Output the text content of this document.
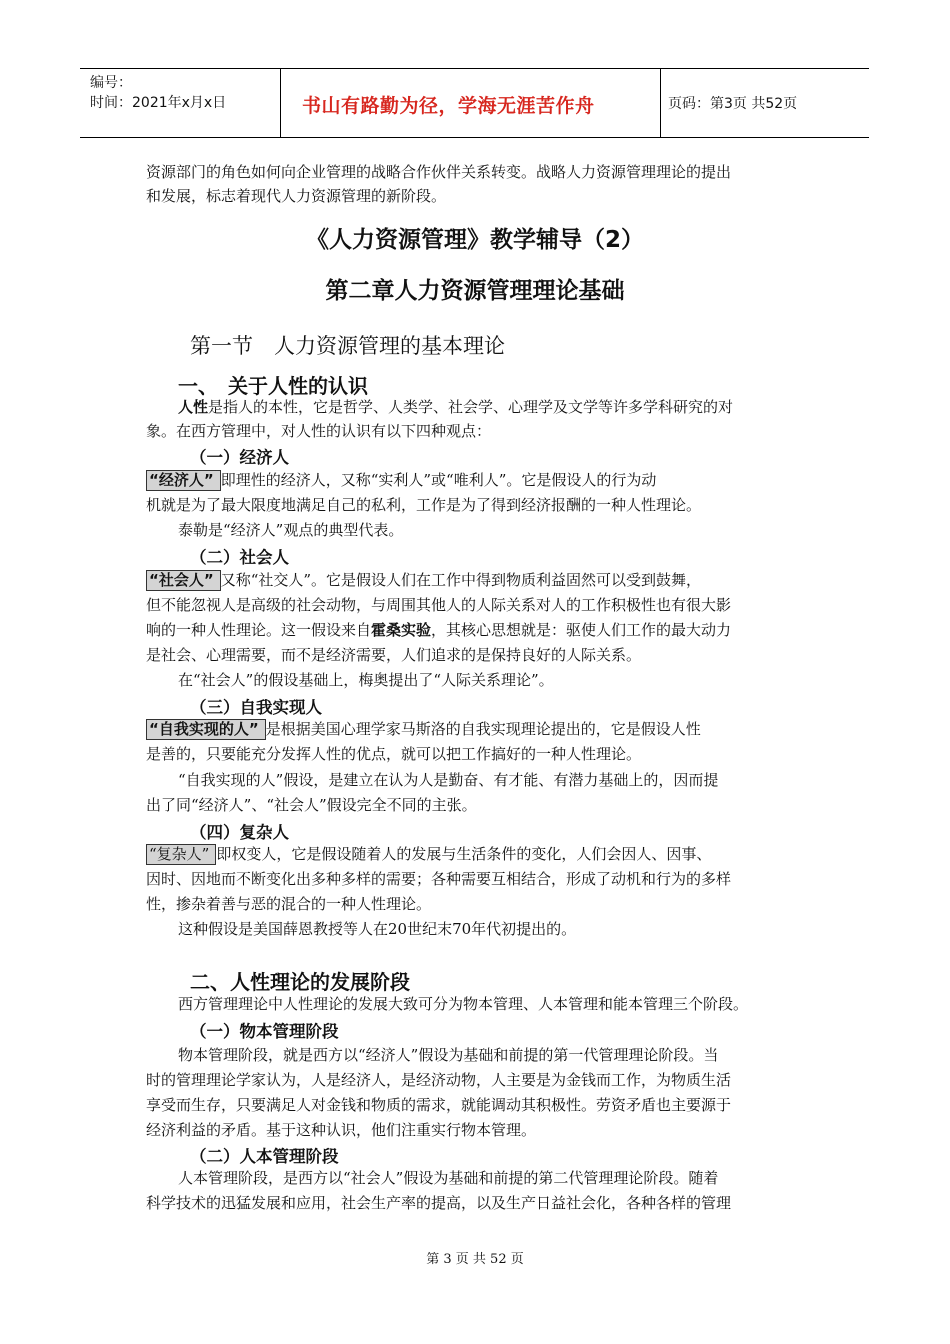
编号：
时间：2021年x月x日	书山有路勤为径，学海无涯苦作舟	页码：第3页 共52页
资源部门的角色如何向企业管理的战略合作伙伴关系转变。战略人力资源管理理论的提出
和发展，标志着现代人力资源管理的新阶段。
《人力资源管理》教学辅导（2）
第二章人力资源管理理论基础
第一节　人力资源管理的基本理论
一、　关于人性的认识
人性是指人的本性，它是哲学、人类学、社会学、心理学及文学等许多学科研究的对
象。在西方管理中，对人性的认识有以下四种观点：
（一）经济人
“经济人” 即理性的经济人，又称“实利人”或“唯利人”。它是假设人的行为动
机就是为了最大限度地满足自己的私利，工作是为了得到经济报酬的一种人性理论。
泰勒是“经济人”观点的典型代表。
（二）社会人
“社会人” 又称“社交人”。它是假设人们在工作中得到物质利益固然可以受到鼓舞，
但不能忽视人是高级的社会动物，与周围其他人的人际关系对人的工作积极性也有很大影
响的一种人性理论。这一假设来自霍桑实验，其核心思想就是：驱使人们工作的最大动力
是社会、心理需要，而不是经济需要，人们追求的是保持良好的人际关系。
在“社会人”的假设基础上，梅奥提出了“人际关系理论”。
（三）自我实现人
“自我实现的人” 是根据美国心理学家马斯洛的自我实现理论提出的，它是假设人性
是善的，只要能充分发挥人性的优点，就可以把工作搞好的一种人性理论。
“自我实现的人”假设，是建立在认为人是勤奋、有才能、有潜力基础上的，因而提
出了同“经济人”、“社会人”假设完全不同的主张。
（四）复杂人
“复杂人” 即权变人，它是假设随着人的发展与生活条件的变化，人们会因人、因事、
因时、因地而不断变化出多种多样的需要；各种需要互相结合，形成了动机和行为的多样
性，掺杂着善与恶的混合的一种人性理论。
这种假设是美国薛恩教授等人在20世纪末70年代初提出的。
二、人性理论的发展阶段
西方管理理论中人性理论的发展大致可分为物本管理、人本管理和能本管理三个阶段。
（一）物本管理阶段
物本管理阶段，就是西方以“经济人”假设为基础和前提的第一代管理理论阶段。当
时的管理理论学家认为，人是经济人，是经济动物，人主要是为金钱而工作，为物质生活
享受而生存，只要满足人对金钱和物质的需求，就能调动其积极性。劳资矛盾也主要源于
经济利益的矛盾。基于这种认识，他们注重实行物本管理。
（二）人本管理阶段
人本管理阶段，是西方以“社会人”假设为基础和前提的第二代管理理论阶段。随着
科学技术的迅猛发展和应用，社会生产率的提高，以及生产日益社会化，各种各样的管理
第 3 页 共 52 页
